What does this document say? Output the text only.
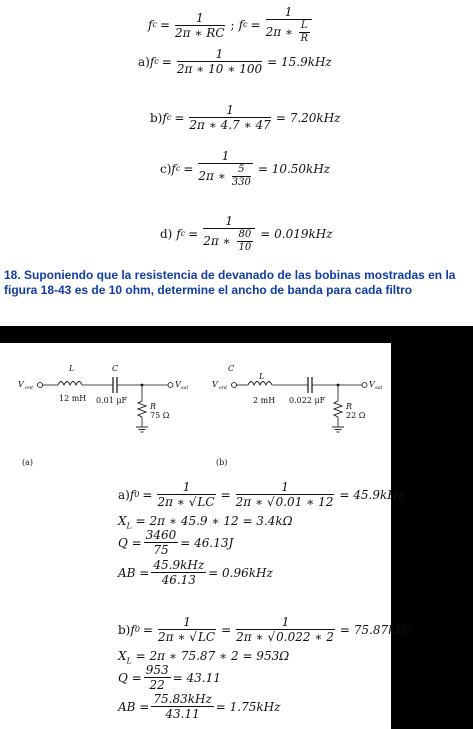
f $c = \frac{1}{2\pi ∗ RC}$ ; f $c = \frac{1}{2\pi ∗ \frac{L}{R}}$
a) f $c = \frac{1}{2\pi ∗ 10 ∗ 100} = 15.9kHz$
b) f $c = \frac{1}{2\pi ∗ 4.7 ∗ 47} = 7.20kHz$
c) f $c = \frac{1}{2\pi ∗ \frac{5}{330}} = 10.50kHz$
d) f $c = \frac{1}{2\pi ∗ \frac{80}{10}} = 0.019kHz$
18. Suponiendo que la resistencia de devanado de las bobinas mostradas en la figura 18-43 es de 10 ohm, determine el ancho de banda para cada filtro
V ent
L
12 mH
C
0.01 μF
V sal
R
75 Ω
(a)
V ent
C
L
2 mH 0.022 μF
V sal
R
22 Ω
(b)
a) f $0 = \frac{1}{2\pi ∗ √LC} = \frac{1}{2\pi ∗ √0.01 ∗ 12} = 45.9kHz$
$X_L = 2\pi$ ∗ 45.9 ∗ 12 = 3.4kΩ
$Q = \frac{3460}{75} = 46.13J$
AB = $\frac{\text{45.9kHz}}{46.13} = 0.96kHz$
b) f $0 = \frac{1}{2\pi ∗ √LC} = \frac{1}{2\pi ∗ √0.022 ∗ 2} = 75.87kHz$
$X_L = 2\pi$ ∗ 75.87 ∗ 2 = 953Ω
$Q = \frac{953}{22} = 43.11$
AB = $\frac{\text{75.83kHz}}{43.11} = 1.75kHz$
